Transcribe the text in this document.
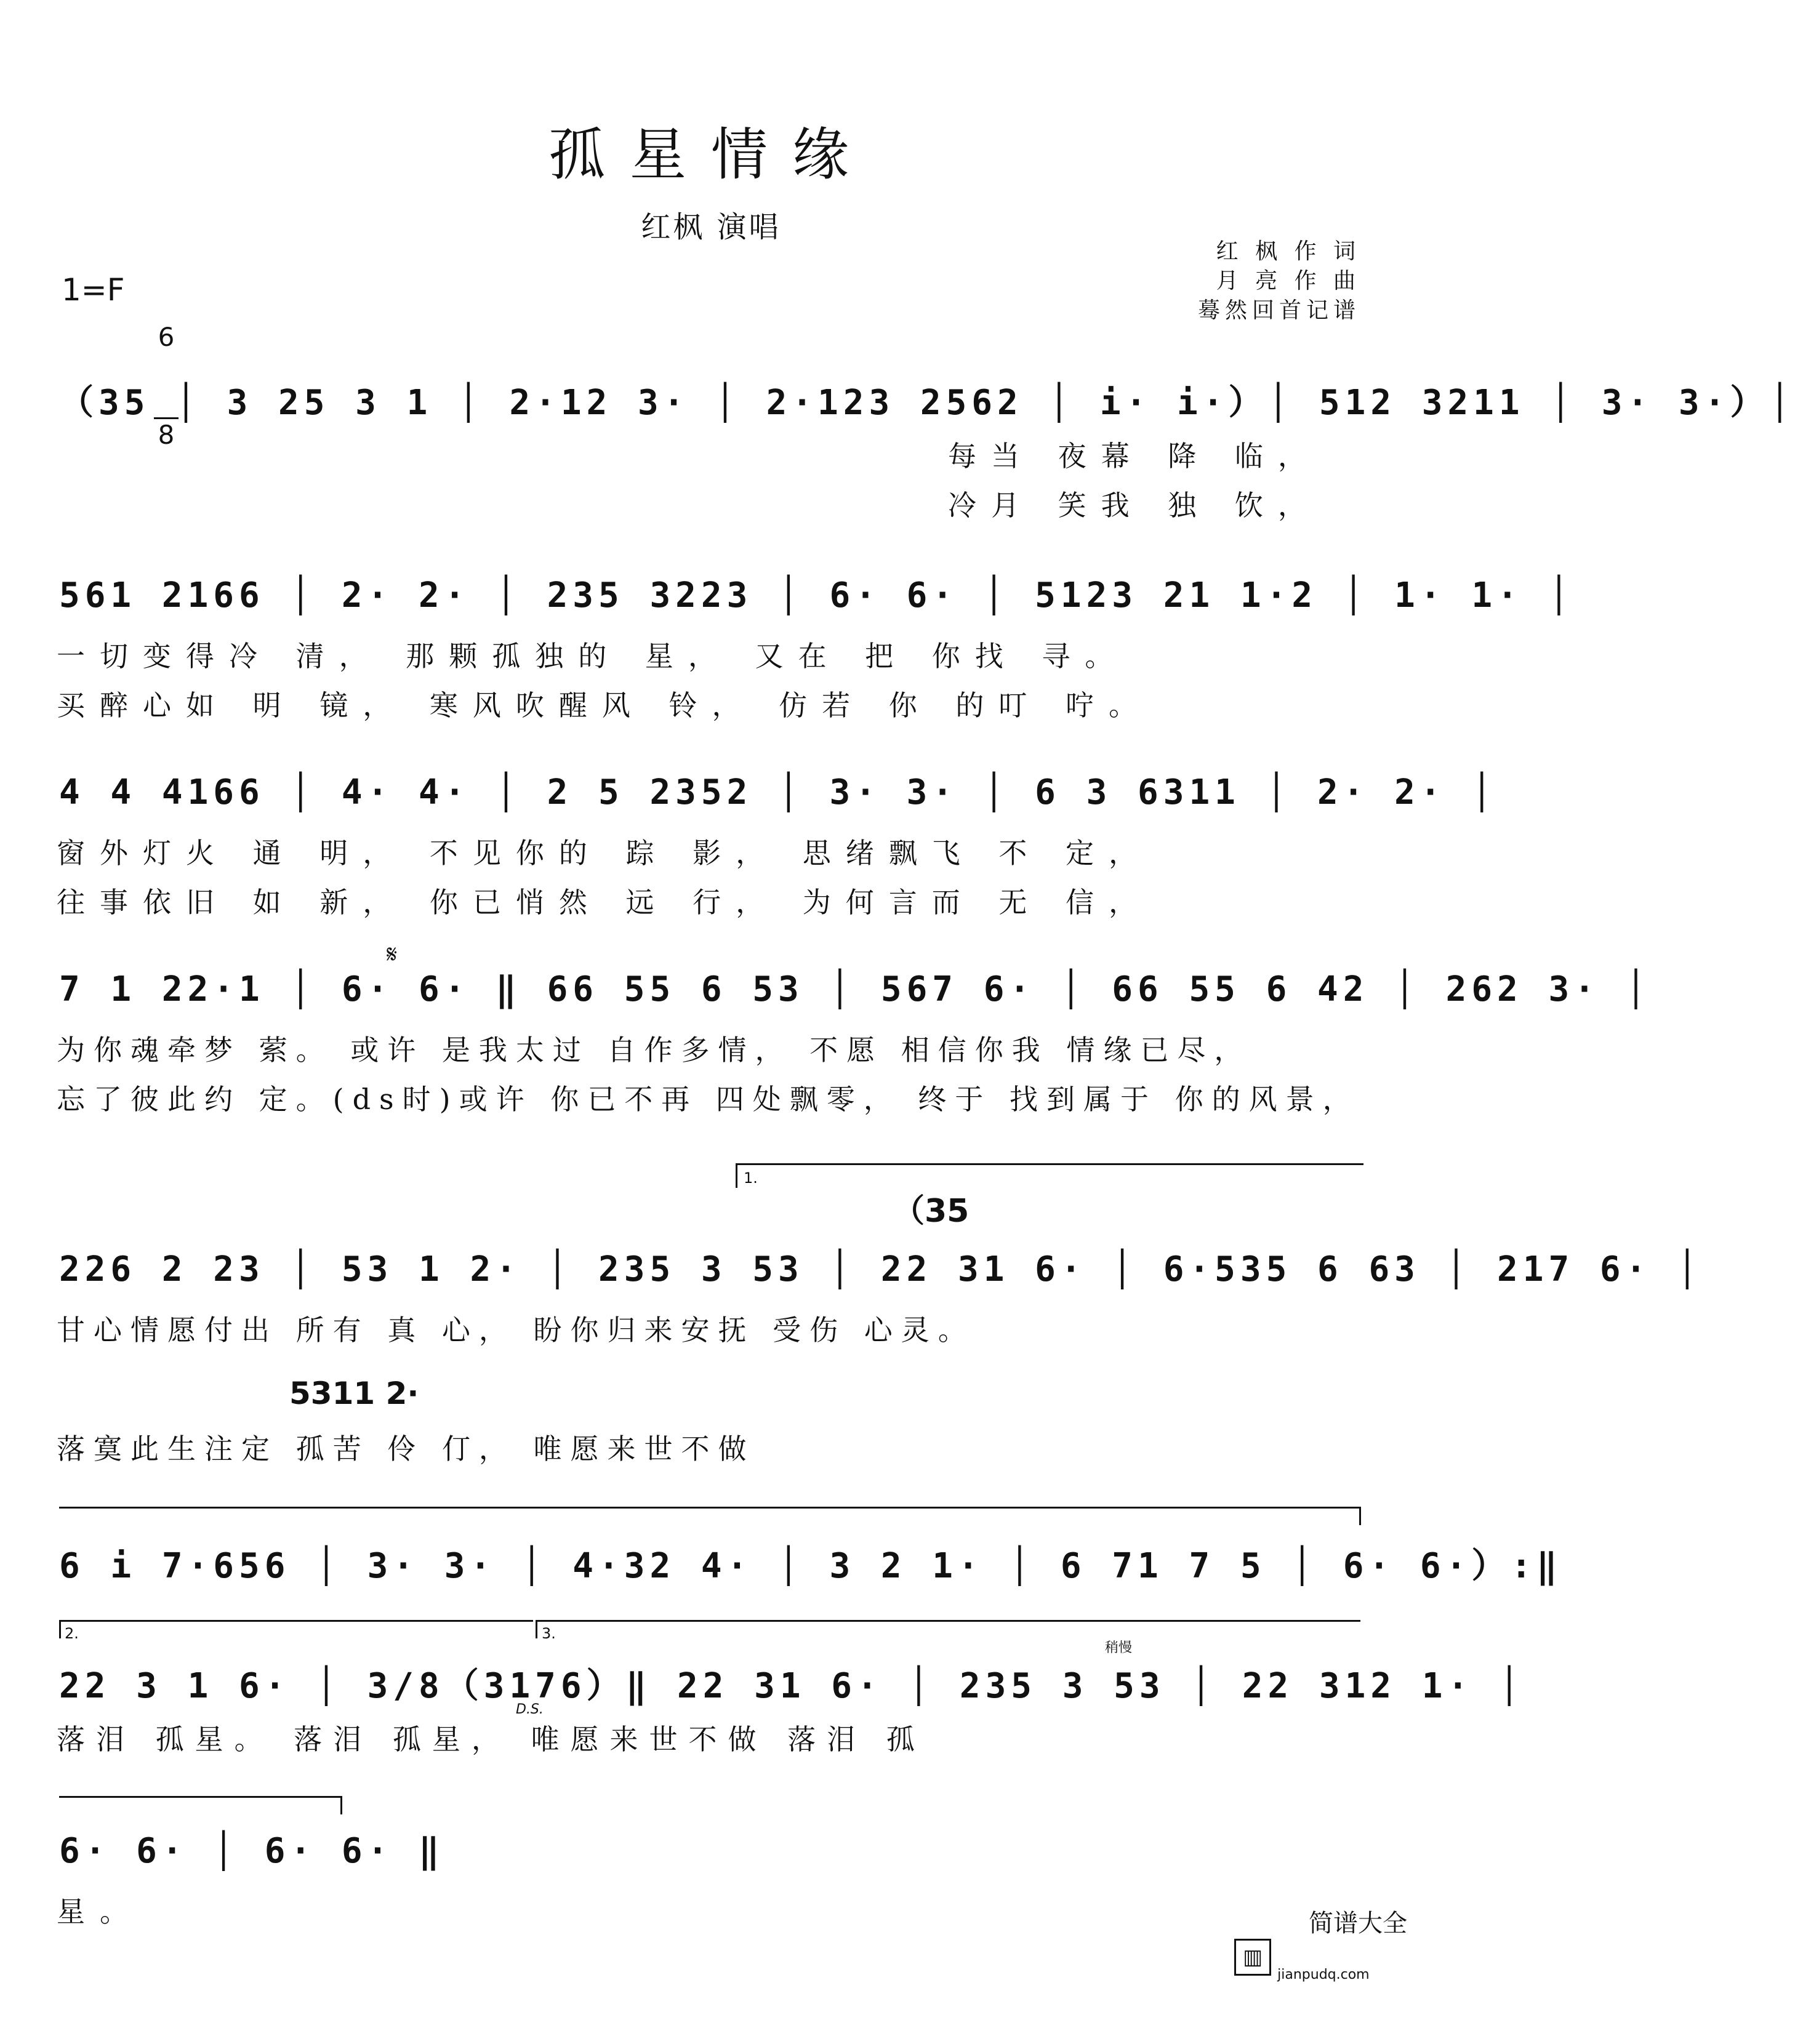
孤星情缘
红枫 演唱
红 枫 作 词
月 亮 作 曲
蓦然回首记谱
1=F

6

8

（35 │ 3 25 3 1 │ 2·12 3· │ 2·123 2562 │ i· i·）│ 512 3211 │ 3· 3·）│
每当 夜幕 降 临，
冷月 笑我 独 饮，
561 2166 │ 2· 2· │ 235 3223 │ 6· 6· │ 5123 21 1·2 │ 1· 1· │
一切变得冷 清， 那颗孤独的 星， 又在 把 你找 寻。
买醉心如 明 镜， 寒风吹醒风 铃， 仿若 你 的叮 咛。
4 4 4166 │ 4· 4· │ 2 5 2352 │ 3· 3· │ 6 3 6311 │ 2· 2· │
窗外灯火 通 明， 不见你的 踪 影， 思绪飘飞 不 定，
往事依旧 如 新， 你已悄然 远 行， 为何言而 无 信，
𝄋
7 1 22·1 │ 6· 6· ‖ 66 55 6 53 │ 567 6· │ 66 55 6 42 │ 262 3· │
为你魂牵梦 萦。 或许 是我太过 自作多情， 不愿 相信你我 情缘已尽，
忘了彼此约 定。(ds时)或许 你已不再 四处飘零， 终于 找到属于 你的风景，
1.
（35
226 2 23 │ 53 1 2· │ 235 3 53 │ 22 31 6· │ 6·535 6 63 │ 217 6· │
甘心情愿付出 所有 真 心， 盼你归来安抚 受伤 心灵。
5311 2·
落寞此生注定 孤苦 伶 仃， 唯愿来世不做
6 i 7·656 │ 3· 3· │ 4·32 4· │ 3 2 1· │ 6 71 7 5 │ 6· 6·）:‖
2.	3.
稍慢
22 3 1 6· │ 3/8（3176）‖ 22 31 6· │ 235 3 53 │ 22 312 1· │
D.S.
落泪 孤星。 落泪 孤星， 唯愿来世不做 落泪 孤
6· 6· │ 6· 6· ‖
星。
▥

简谱大全

jianpudq.com
